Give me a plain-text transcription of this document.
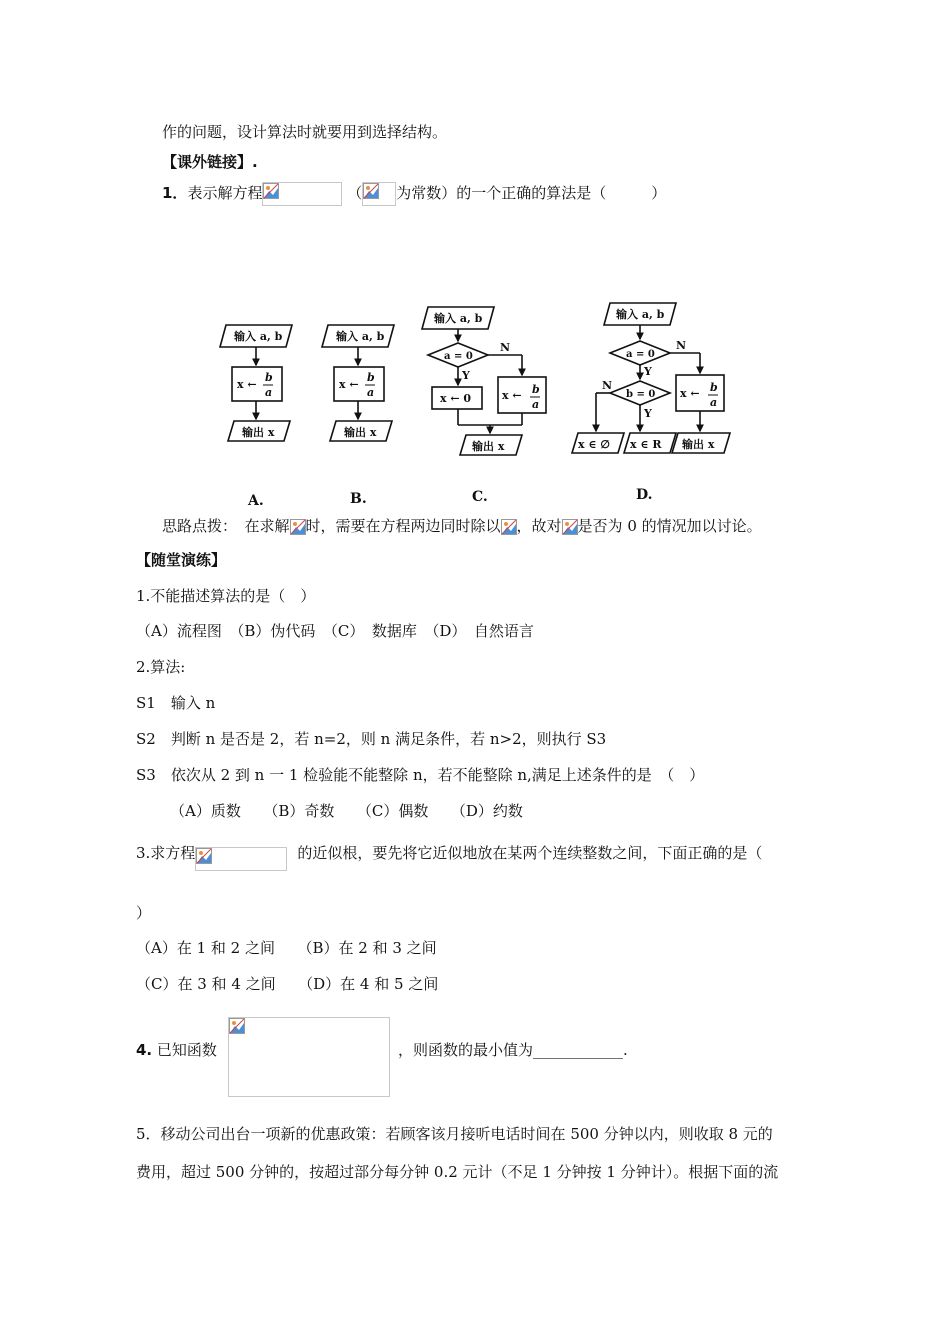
作的问题，设计算法时就要用到选择结构。
【课外链接】.
1．表示解方程	（ 为常数）的一个正确的算法是（　　　）
输入 a, b
x ←
b
a
输出 x
输入 a, b
x ←
b
a
输出 x
输入 a, b
a = 0
N
Y
x ← 0	x ← b
a
输出 x
输入 a, b
a = 0
N
Y
b = 0
N
Y
x ← b
a
x ∈ ∅ x ∈ R 输出 x
A.	B.	C.	D.
思路点拨：　在求解 时，需要在方程两边同时除以 ，故对 是否为 0 的情况加以讨论。
【随堂演练】
1.不能描述算法的是（　）
（A）流程图　（B）伪代码　（C）　数据库　（D）　自然语言
2.算法:
S1　输入 n
S2　判断 n 是否是 2，若 n=2，则 n 满足条件，若 n>2，则执行 S3
S3　依次从 2 到 n 一 1 检验能不能整除 n，若不能整除 n,满足上述条件的是　（　）
（A）质数　　（B）奇数　　（C）偶数　　（D）约数
3.求方程	的近似根，要先将它近似地放在某两个连续整数之间，下面正确的是（
）
（A）在 1 和 2 之间　　（B）在 2 和 3 之间
（C）在 3 和 4 之间　　（D）在 4 和 5 之间
4. 已知函数	，则函数的最小值为____________.
5．移动公司出台一项新的优惠政策：若顾客该月接听电话时间在 500 分钟以内，则收取 8 元的
费用，超过 500 分钟的，按超过部分每分钟 0.2 元计（不足 1 分钟按 1 分钟计）。根据下面的流
